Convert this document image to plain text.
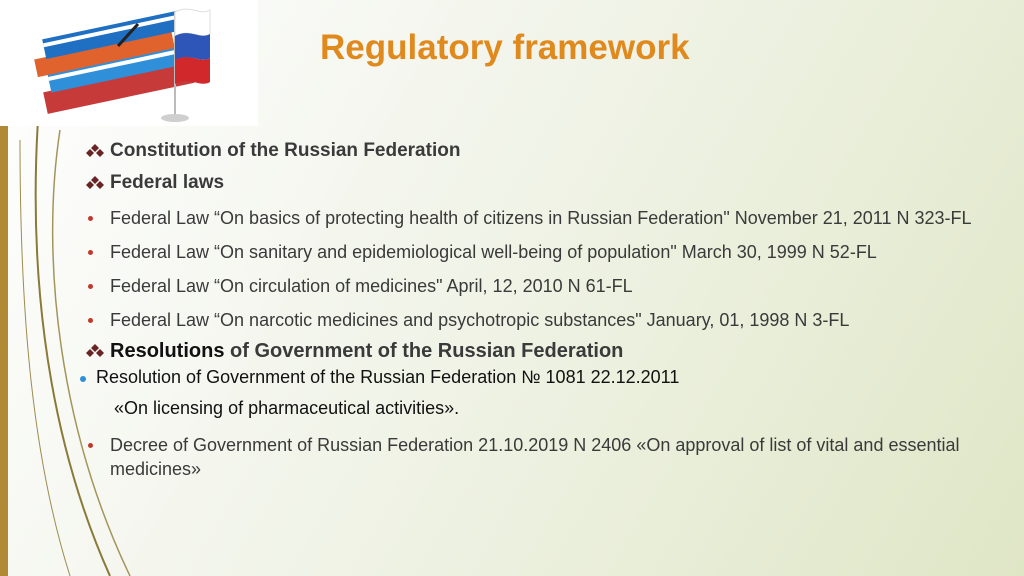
Regulatory framework
Constitution of the Russian Federation
Federal laws
Federal Law “On basics of protecting health of citizens in Russian Federation" November 21, 2011 N 323-FL
Federal Law “On sanitary and epidemiological well-being of population" March 30, 1999 N 52-FL
Federal Law “On circulation of medicines" April, 12, 2010 N 61-FL
Federal Law “On narcotic medicines and psychotropic substances" January, 01, 1998 N 3-FL
Resolutions of Government of the Russian Federation
Resolution of Government of the Russian Federation № 1081 22.12.2011
«On licensing of pharmaceutical activities».
Decree of Government of Russian Federation 21.10.2019 N 2406 «On approval of list of vital and essential medicines»
